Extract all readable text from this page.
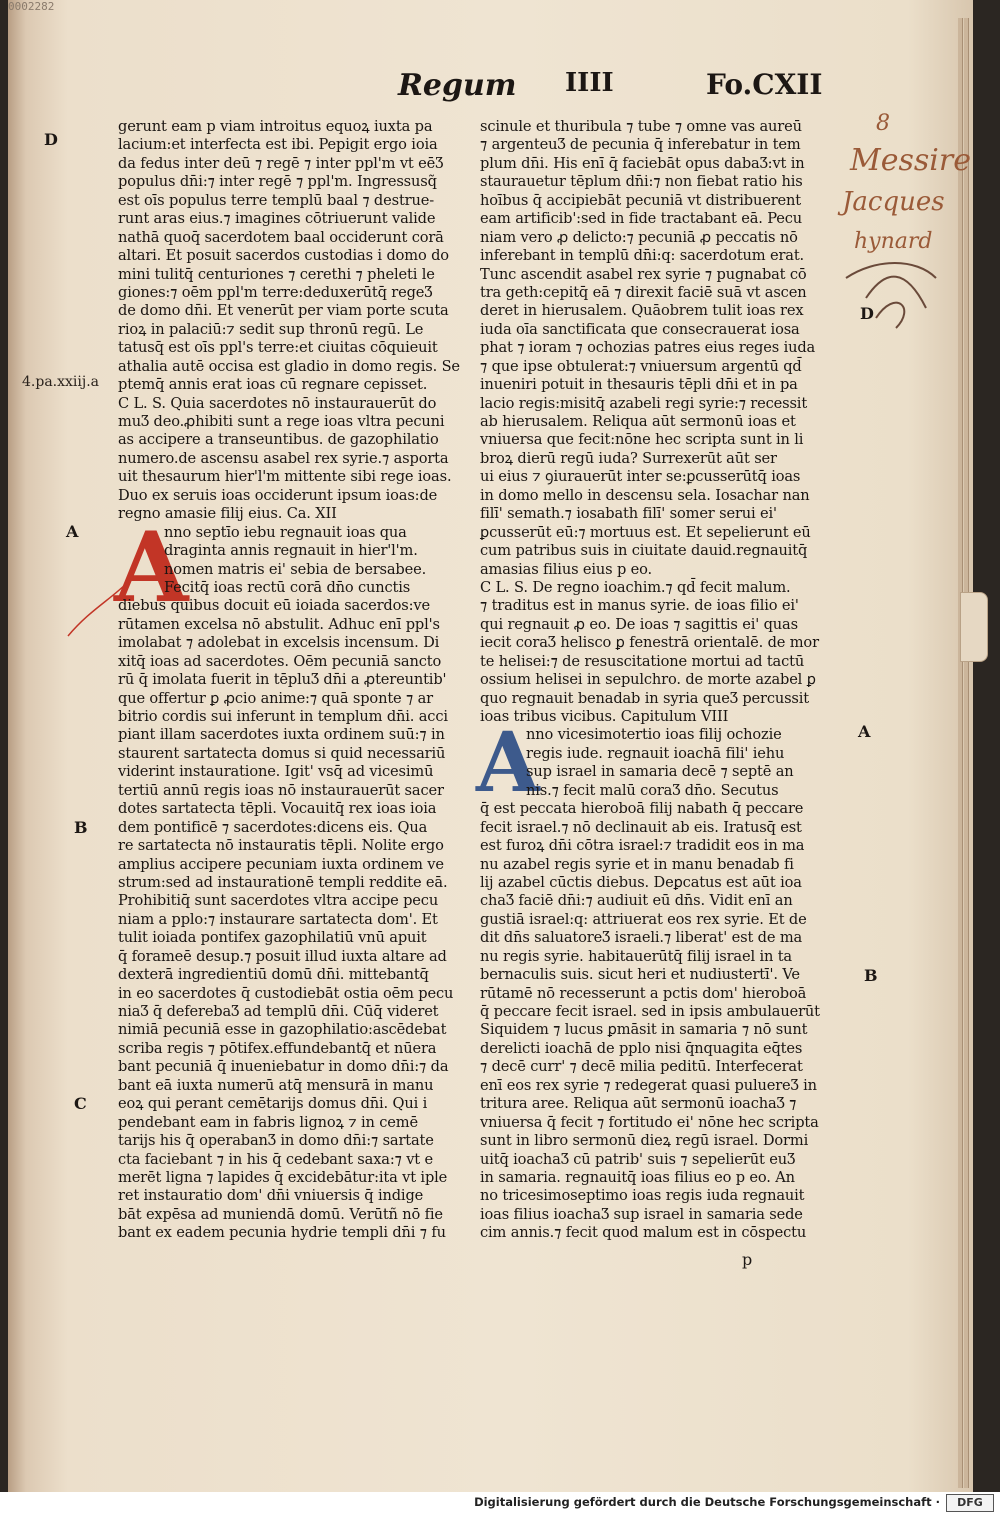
0002282
Regum IIII	Fo.CXII
A
A
gerunt eam p viam introitus equoꝝ iuxta pa
lacium:et interfecta est ibi. Pepigit ergo ioia
da fedus inter deū ⁊ regē ⁊ inter ppl'm vt eēƷ
populus dn̄i:⁊ inter regē ⁊ ppl'm. Ingressusq̃
est oīs populus terre templū baal ⁊ destrue-
runt aras eius.⁊ imagines cōtriuerunt valide
nathā quoq̄ sacerdotem baal occiderunt corā
altari. Et posuit sacerdos custodias i domo do
mini tulitq̄ centuriones ⁊ cerethi ⁊ pheleti le
giones:⁊ oēm ppl'm terre:deduxerūtq̄ regeƷ
de domo dn̄i. Et venerūt per viam porte scuta
rioꝝ in palaciū:⁊ sedit sup thronū regū. Le
tatusq̄ est oīs ppl's terre:et ciuitas cōquieuit
athalia autē occisa est gladio in domo regis. Se
ptemq̄ annis erat ioas cū regnare cepisset.
C L. S. Quia sacerdotes nō instaurauerūt do
muƷ deo.ꝓhibiti sunt a rege ioas vltra pecuni
as accipere a transeuntibus. de gazophilatio
numero.de ascensu asabel rex syrie.⁊ asporta
uit thesaurum hier'l'm mittente sibi rege ioas.
Duo ex seruis ioas occiderunt ipsum ioas:de
regno amasie filij eius. Ca. XII
nno septīo iebu regnauit ioas qua
draginta annis regnauit in hier'l'm.
nomen matris ei' sebia de bersabee.
Fecitq̄ ioas rectū corā dn̄o cunctis
diebus quibus docuit eū ioiada sacerdos:ve
rūtamen excelsa nō abstulit. Adhuc enī ppl's
imolabat ⁊ adolebat in excelsis incensum. Di
xitq̄ ioas ad sacerdotes. Oēm pecuniā sancto
rū q̄ imolata fuerit in tēpluƷ dn̄i a ꝓtereuntib'
que offertur ꝑ ꝓcio anime:⁊ quā sponte ⁊ ar
bitrio cordis sui inferunt in templum dn̄i. acci
piant illam sacerdotes iuxta ordinem suū:⁊ in
staurent sartatecta domus si quid necessariū
viderint instauratione. Igit' vsq̄ ad vicesimū
tertiū annū regis ioas nō instaurauerūt sacer
dotes sartatecta tēpli. Vocauitq̄ rex ioas ioia
dem pontificē ⁊ sacerdotes:dicens eis. Qua
re sartatecta nō instauratis tēpli. Nolite ergo
amplius accipere pecuniam iuxta ordinem ve
strum:sed ad instaurationē templi reddite eā.
Prohibitiq̄ sunt sacerdotes vltra accipe pecu
niam a pplo:⁊ instaurare sartatecta dom'. Et
tulit ioiada pontifex gazophilatiū vnū apuit
q̄ forameē desup.⁊ posuit illud iuxta altare ad
dexterā ingredientiū domū dn̄i. mittebantq̄
in eo sacerdotes q̄ custodiebāt ostia oēm pecu
niaƷ q̄ deferebaƷ ad templū dn̄i. Cūq̄ videret
nimiā pecuniā esse in gazophilatio:ascēdebat
scriba regis ⁊ pōtifex.effundebantq̄ et nūera
bant pecuniā q̄ inueniebatur in domo dn̄i:⁊ da
bant eā iuxta numerū atq̄ mensurā in manu
eoꝝ qui ꝑerant cemētarijs domus dn̄i. Qui i
pendebant eam in fabris lignoꝝ ⁊ in cemē
tarijs his q̄ operabanƷ in domo dn̄i:⁊ sartate
cta faciebant ⁊ in his q̄ cedebant saxa:⁊ vt e
merēt ligna ⁊ lapides q̄ excidebātur:ita vt iple
ret instauratio dom' dn̄i vniuersis q̄ indige
bāt expēsa ad muniendā domū. Verūtñ nō fie
bant ex eadem pecunia hydrie templi dn̄i ⁊ fu
scinule et thuribula ⁊ tube ⁊ omne vas aureū
⁊ argenteuƷ de pecunia q̄ inferebatur in tem
plum dn̄i. His enī q̄ faciebāt opus dabaƷ:vt in
staurauetur tēplum dn̄i:⁊ non fiebat ratio his
hoībus q̄ accipiebāt pecuniā vt distribuerent
eam artificib':sed in fide tractabant eā. Pecu
niam vero ꝓ delicto:⁊ pecuniā ꝓ peccatis nō
inferebant in templū dn̄i:q: sacerdotum erat.
Tunc ascendit asabel rex syrie ⁊ pugnabat cō
tra geth:cepitq̄ eā ⁊ direxit faciē suā vt ascen
deret in hierusalem. Quāobrem tulit ioas rex
iuda oīa sanctificata que consecrauerat iosa
phat ⁊ ioram ⁊ ochozias patres eius reges iuda
⁊ que ipse obtulerat:⁊ vniuersum argentū qd̄
inueniri potuit in thesauris tēpli dn̄i et in pa
lacio regis:misitq̄ azabeli regi syrie:⁊ recessit
ab hierusalem. Reliqua aūt sermonū ioas et
vniuersa que fecit:nōne hec scripta sunt in li
broꝝ dierū regū iuda? Surrexerūt aūt ser
ui eius ⁊ ꝯiurauerūt inter se:ꝑcusserūtq̄ ioas
in domo mello in descensu sela. Iosachar nan
filī' semath.⁊ iosabath filī' somer serui ei'
ꝑcusserūt eū:⁊ mortuus est. Et sepelierunt eū
cum patribus suis in ciuitate dauid.regnauitq̄
amasias filius eius p eo.
C L. S. De regno ioachim.⁊ qd̄ fecit malum.
⁊ traditus est in manus syrie. de ioas filio ei'
qui regnauit ꝓ eo. De ioas ⁊ sagittis ei' quas
iecit coraƷ helisco ꝑ fenestrā orientalē. de mor
te helisei:⁊ de resuscitatione mortui ad tactū
ossium helisei in sepulchro. de morte azabel ꝑ
quo regnauit benadab in syria queƷ percussit
ioas tribus vicibus. Capitulum VIII
nno vicesimotertio ioas filij ochozie
regis iude. regnauit ioachā fili' iehu
sup israel in samaria decē ⁊ septē an
nis.⁊ fecit malū coraƷ dn̄o. Secutus
q̄ est peccata hieroboā filij nabath q̄ peccare
fecit israel.⁊ nō declinauit ab eis. Iratusq̄ est
est furoꝝ dn̄i cōtra israel:⁊ tradidit eos in ma
nu azabel regis syrie et in manu benadab fi
lij azabel cūctis diebus. Deꝑcatus est aūt ioa
chaƷ faciē dn̄i:⁊ audiuit eū dn̄s. Vidit enī an
gustiā israel:q: attriuerat eos rex syrie. Et de
dit dn̄s saluatoreƷ israeli.⁊ liberat' est de ma
nu regis syrie. habitauerūtq̄ filij israel in ta
bernaculis suis. sicut heri et nudiustertī'. Ve
rūtamē nō recesserunt a pctis dom' hieroboā
q̄ peccare fecit israel. sed in ipsis ambulauerūt
Siquidem ⁊ lucus ꝑmāsit in samaria ⁊ nō sunt
derelicti ioachā de pplo nisi q̄nquagita eq̄tes
⁊ decē curr' ⁊ decē milia peditū. Interfecerat
enī eos rex syrie ⁊ redegerat quasi puluereƷ in
tritura aree. Reliqua aūt sermonū ioachaƷ ⁊
vniuersa q̄ fecit ⁊ fortitudo ei' nōne hec scripta
sunt in libro sermonū dieꝝ regū israel. Dormi
uitq̄ ioachaƷ cū patrib' suis ⁊ sepelierūt euƷ
in samaria. regnauitq̄ ioas filius eo p eo. An
no tricesimoseptimo ioas regis iuda regnauit
ioas filius ioachaƷ sup israel in samaria sede
cim annis.⁊ fecit quod malum est in cōspectu
D
4.pa.xxiij.a
A
B
C
D
A
B
8
Messire
Jacques
hynard
p
Digitalisierung gefördert durch die Deutsche Forschungsgemeinschaft ·	DFG
